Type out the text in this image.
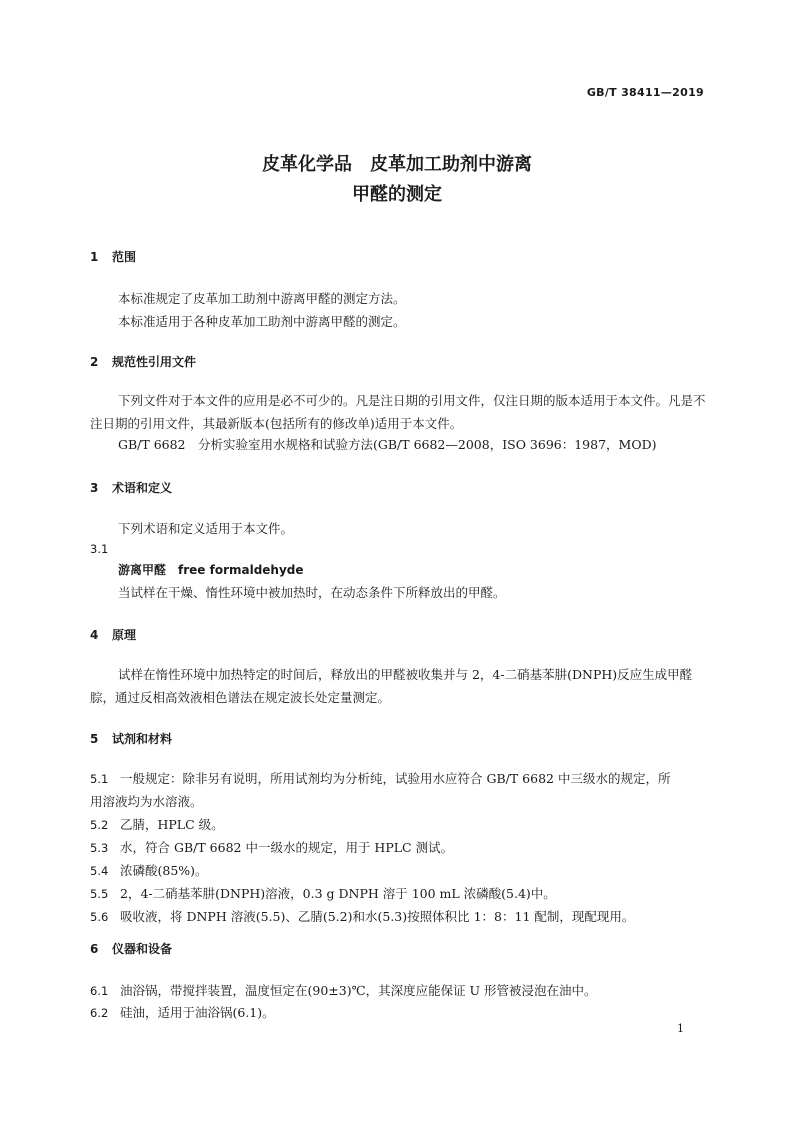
GB/T 38411—2019
皮革化学品　皮革加工助剂中游离
甲醛的测定
1 范围
本标准规定了皮革加工助剂中游离甲醛的测定方法。
本标准适用于各种皮革加工助剂中游离甲醛的测定。
2 规范性引用文件
下列文件对于本文件的应用是必不可少的。凡是注日期的引用文件，仅注日期的版本适用于本文件。凡是不注日期的引用文件，其最新版本(包括所有的修改单)适用于本文件。
GB/T 6682　分析实验室用水规格和试验方法(GB/T 6682—2008，ISO 3696：1987，MOD)
3 术语和定义
下列术语和定义适用于本文件。
3.1
游离甲醛 free formaldehyde
当试样在干燥、惰性环境中被加热时，在动态条件下所释放出的甲醛。
4 原理
试样在惰性环境中加热特定的时间后，释放出的甲醛被收集并与 2，4-二硝基苯肼(DNPH)反应生成甲醛腙，通过反相高效液相色谱法在规定波长处定量测定。
5 试剂和材料
5.1 一般规定：除非另有说明，所用试剂均为分析纯，试验用水应符合 GB/T 6682 中三级水的规定，所
用溶液均为水溶液。
5.2 乙腈，HPLC 级。
5.3 水，符合 GB/T 6682 中一级水的规定，用于 HPLC 测试。
5.4 浓磷酸(85%)。
5.5 2，4-二硝基苯肼(DNPH)溶液，0.3 g DNPH 溶于 100 mL 浓磷酸(5.4)中。
5.6 吸收液，将 DNPH 溶液(5.5)、乙腈(5.2)和水(5.3)按照体积比 1：8：11 配制，现配现用。
6 仪器和设备
6.1 油浴锅，带搅拌装置，温度恒定在(90±3)℃，其深度应能保证 U 形管被浸泡在油中。
6.2 硅油，适用于油浴锅(6.1)。
1
